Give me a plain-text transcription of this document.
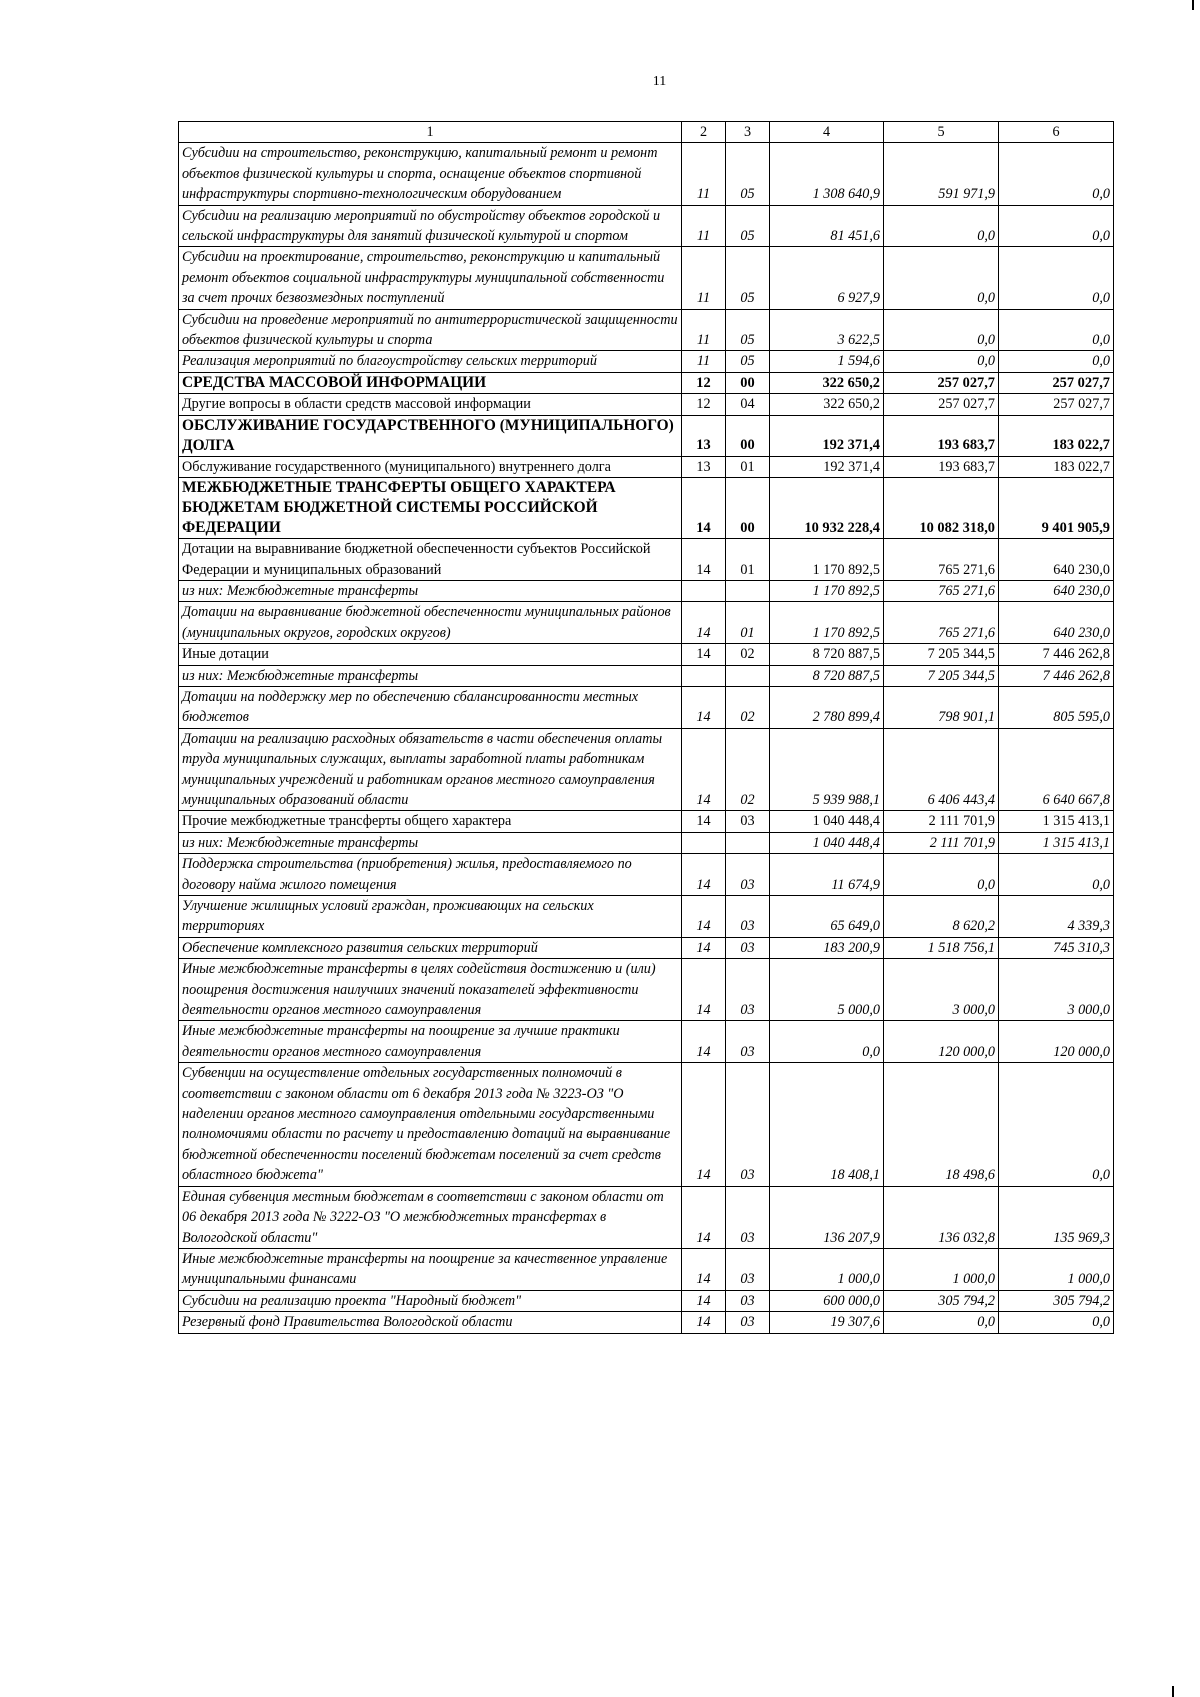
11
1	2	3	4	5	6
Субсидии на строительство, реконструкцию, капитальный ремонт и ремонт объектов физической культуры и спорта, оснащение объектов спортивной инфраструктуры спортивно-технологическим оборудованием	11	05	1 308 640,9	591 971,9	0,0
Субсидии на реализацию мероприятий по обустройству объектов городской и сельской инфраструктуры для занятий физической культурой и спортом	11	05	81 451,6	0,0	0,0
Субсидии на проектирование, строительство, реконструкцию и капитальный ремонт объектов социальной инфраструктуры муниципальной собственности за счет прочих безвозмездных поступлений	11	05	6 927,9	0,0	0,0
Субсидии на проведение мероприятий по антитеррористической защищенности объектов физической культуры и спорта	11	05	3 622,5	0,0	0,0
Реализация мероприятий по благоустройству сельских территорий	11	05	1 594,6	0,0	0,0
СРЕДСТВА МАССОВОЙ ИНФОРМАЦИИ	12	00	322 650,2	257 027,7	257 027,7
Другие вопросы в области средств массовой информации	12	04	322 650,2	257 027,7	257 027,7
ОБСЛУЖИВАНИЕ ГОСУДАРСТВЕННОГО (МУНИЦИПАЛЬНОГО) ДОЛГА	13	00	192 371,4	193 683,7	183 022,7
Обслуживание государственного (муниципального) внутреннего долга	13	01	192 371,4	193 683,7	183 022,7
МЕЖБЮДЖЕТНЫЕ ТРАНСФЕРТЫ ОБЩЕГО ХАРАКТЕРА БЮДЖЕТАМ БЮДЖЕТНОЙ СИСТЕМЫ РОССИЙСКОЙ ФЕДЕРАЦИИ	14	00	10 932 228,4	10 082 318,0	9 401 905,9
Дотации на выравнивание бюджетной обеспеченности субъектов Российской Федерации и муниципальных образований	14	01	1 170 892,5	765 271,6	640 230,0
из них: Межбюджетные трансферты			1 170 892,5	765 271,6	640 230,0
Дотации на выравнивание бюджетной обеспеченности муниципальных районов (муниципальных округов, городских округов)	14	01	1 170 892,5	765 271,6	640 230,0
Иные дотации	14	02	8 720 887,5	7 205 344,5	7 446 262,8
из них: Межбюджетные трансферты			8 720 887,5	7 205 344,5	7 446 262,8
Дотации на поддержку мер по обеспечению сбалансированности местных бюджетов	14	02	2 780 899,4	798 901,1	805 595,0
Дотации на реализацию расходных обязательств в части обеспечения оплаты труда муниципальных служащих, выплаты заработной платы работникам муниципальных учреждений и работникам органов местного самоуправления муниципальных образований области	14	02	5 939 988,1	6 406 443,4	6 640 667,8
Прочие межбюджетные трансферты общего характера	14	03	1 040 448,4	2 111 701,9	1 315 413,1
из них: Межбюджетные трансферты			1 040 448,4	2 111 701,9	1 315 413,1
Поддержка строительства (приобретения) жилья, предоставляемого по договору найма жилого помещения	14	03	11 674,9	0,0	0,0
Улучшение жилищных условий граждан, проживающих на сельских территориях	14	03	65 649,0	8 620,2	4 339,3
Обеспечение комплексного развития сельских территорий	14	03	183 200,9	1 518 756,1	745 310,3
Иные межбюджетные трансферты в целях содействия достижению и (или) поощрения достижения наилучших значений показателей эффективности деятельности органов местного самоуправления	14	03	5 000,0	3 000,0	3 000,0
Иные межбюджетные трансферты на поощрение за лучшие практики деятельности органов местного самоуправления	14	03	0,0	120 000,0	120 000,0
Субвенции на осуществление отдельных государственных полномочий в соответствии с законом области от 6 декабря 2013 года № 3223-ОЗ "О наделении органов местного самоуправления отдельными государственными полномочиями области по расчету и предоставлению дотаций на выравнивание бюджетной обеспеченности поселений бюджетам поселений за счет средств областного бюджета"	14	03	18 408,1	18 498,6	0,0
Единая субвенция местным бюджетам в соответствии с законом области от 06 декабря 2013 года № 3222-ОЗ "О межбюджетных трансфертах в Вологодской области"	14	03	136 207,9	136 032,8	135 969,3
Иные межбюджетные трансферты на поощрение за качественное управление муниципальными финансами	14	03	1 000,0	1 000,0	1 000,0
Субсидии на реализацию проекта "Народный бюджет"	14	03	600 000,0	305 794,2	305 794,2
Резервный фонд Правительства Вологодской области	14	03	19 307,6	0,0	0,0
